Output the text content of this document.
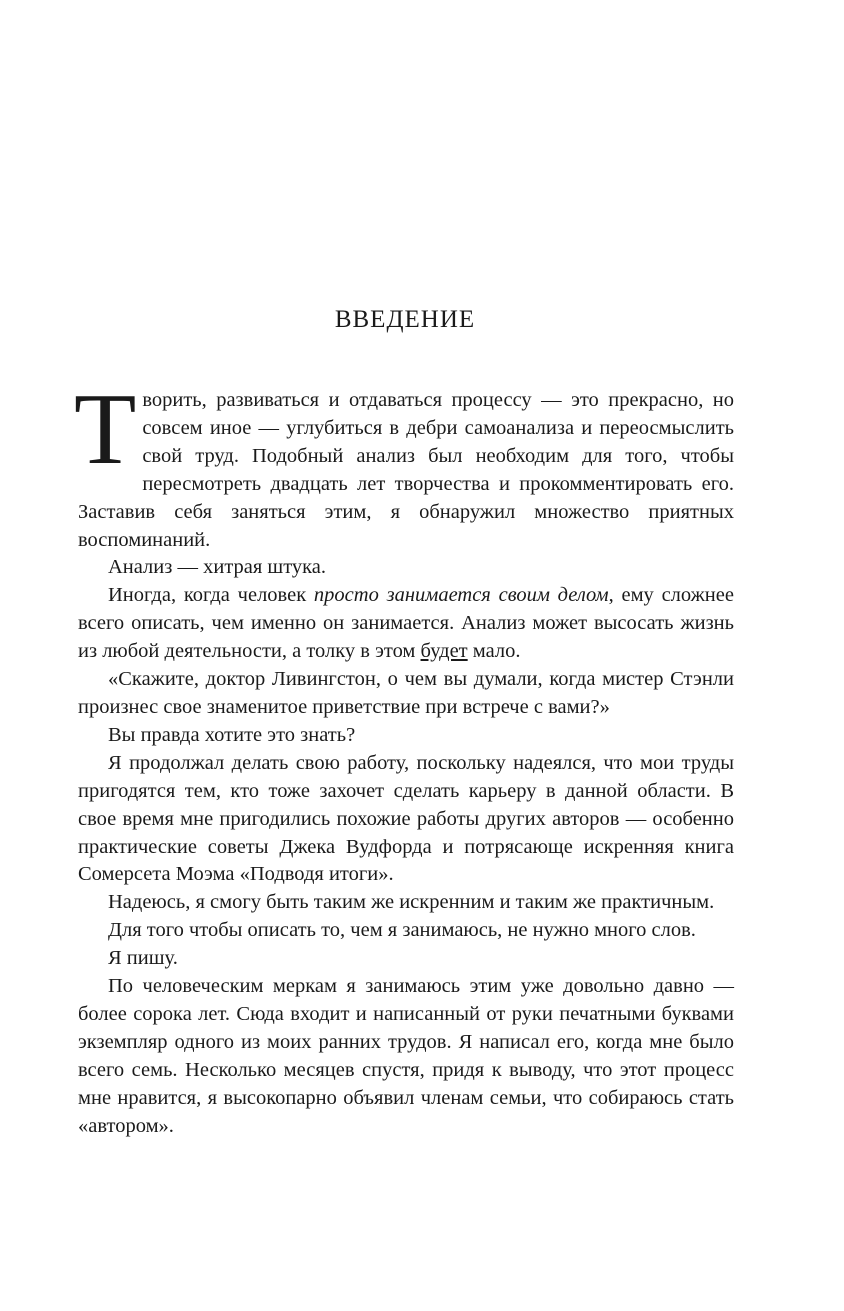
ВВЕДЕНИЕ

Творить, развиваться и отдаваться процессу — это прекрасно, но совсем иное — углубиться в дебри самоанализа и переосмыслить свой труд. Подобный анализ был необходим для того, чтобы пересмотреть двадцать лет творчества и прокомментировать его. Заставив себя заняться этим, я обнаружил множество приятных воспоминаний.

Анализ — хитрая штука.

Иногда, когда человек просто занимается своим делом, ему сложнее всего описать, чем именно он занимается. Анализ может высосать жизнь из любой деятельности, а толку в этом будет мало.

«Скажите, доктор Ливингстон, о чем вы думали, когда мистер Стэнли произнес свое знаменитое приветствие при встрече с вами?»

Вы правда хотите это знать?

Я продолжал делать свою работу, поскольку надеялся, что мои труды пригодятся тем, кто тоже захочет сделать карьеру в данной области. В свое время мне пригодились похожие работы других авторов — особенно практические советы Джека Вудфорда и потрясающе искренняя книга Сомерсета Моэма «Подводя итоги».

Надеюсь, я смогу быть таким же искренним и таким же практичным.

Для того чтобы описать то, чем я занимаюсь, не нужно много слов.

Я пишу.

По человеческим меркам я занимаюсь этим уже довольно давно — более сорока лет. Сюда входит и написанный от руки печатными буквами экземпляр одного из моих ранних трудов. Я написал его, когда мне было всего семь. Несколько месяцев спустя, придя к выводу, что этот процесс мне нравится, я высокопарно объявил членам семьи, что собираюсь стать «автором».
